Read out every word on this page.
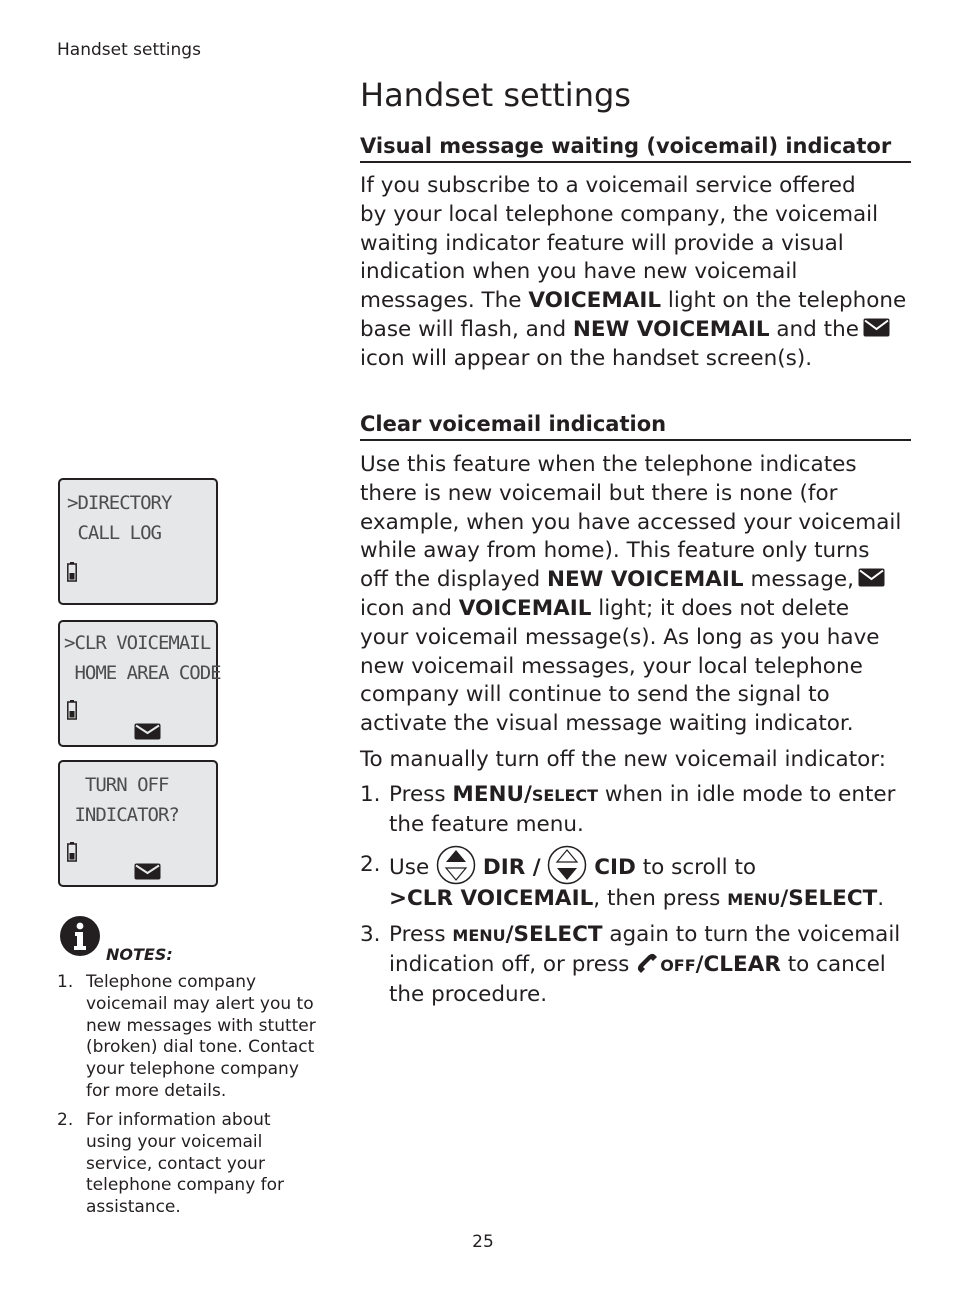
Handset settings
Handset settings
Visual message waiting (voicemail) indicator
If you subscribe to a voicemail service offered
by your local telephone company, the voicemail
waiting indicator feature will provide a visual
indication when you have new voicemail
messages. The VOICEMAIL light on the telephone
base will flash, and NEW VOICEMAIL and the
icon will appear on the handset screen(s).
Clear voicemail indication
Use this feature when the telephone indicates
there is new voicemail but there is none (for
example, when you have accessed your voicemail
while away from home). This feature only turns
off the displayed NEW VOICEMAIL message,
icon and VOICEMAIL light; it does not delete
your voicemail message(s). As long as you have
new voicemail messages, your local telephone
company will continue to send the signal to
activate the visual message waiting indicator.
To manually turn off the new voicemail indicator:
1. Press MENU/SELECT when in idle mode to enter
the feature menu.
2. Use  DIR / CID to scroll to
>CLR VOICEMAIL, then press MENU/SELECT.
3. Press MENU/SELECT again to turn the voicemail
indication off, or press OFF/CLEAR to cancel
the procedure.
>DIRECTORY
CALL LOG
>CLR VOICEMAIL
HOME AREA CODE
TURN OFF
INDICATOR?
NOTES:
1. Telephone company
voicemail may alert you to
new messages with stutter
(broken) dial tone. Contact
your telephone company
for more details.
2. For information about
using your voicemail
service, contact your
telephone company for
assistance.
25
